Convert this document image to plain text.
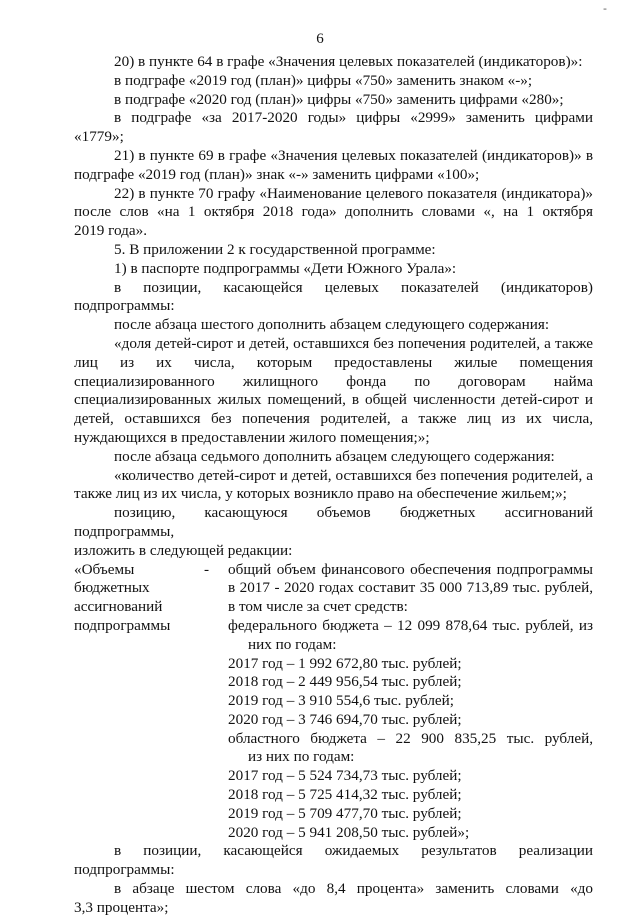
-
6

20) в пункте 64 в графе «Значения целевых показателей (индикаторов)»:

в подграфе «2019 год (план)» цифры «750» заменить знаком «-»;

в подграфе «2020 год (план)» цифры «750» заменить цифрами «280»;

в подграфе «за 2017-2020 годы» цифры «2999» заменить цифрами «1779»;

21) в пункте 69 в графе «Значения целевых показателей (индикаторов)» в

подграфе «2019 год (план)» знак «-» заменить цифрами «100»;

22) в пункте 70 графу «Наименование целевого показателя (индикатора)»

после слов «на 1 октября 2018 года» дополнить словами «, на 1 октября

2019 года».

5. В приложении 2 к государственной программе:

1) в паспорте подпрограммы «Дети Южного Урала»:

в позиции, касающейся целевых показателей (индикаторов)

подпрограммы:

после абзаца шестого дополнить абзацем следующего содержания:

«доля детей-сирот и детей, оставшихся без попечения родителей, а также

лиц из их числа, которым предоставлены жилые помещения

специализированного жилищного фонда по договорам найма

специализированных жилых помещений, в общей численности детей-сирот и

детей, оставшихся без попечения родителей, а также лиц из их числа,

нуждающихся в предоставлении жилого помещения;»;

после абзаца седьмого дополнить абзацем следующего содержания:

«количество детей-сирот и детей, оставшихся без попечения родителей, а

также лиц из их числа, у которых возникло право на обеспечение жильем;»;

позицию, касающуюся объемов бюджетных ассигнований подпрограммы,

изложить в следующей редакции:

«Объемы
бюджетных
ассигнований
подпрограммы
-	общий объем финансового обеспечения подпрограммы

в 2017 - 2020 годах составит 35 000 713,89 тыс. рублей,

в том числе за счет средств:

федерального бюджета – 12 099 878,64 тыс. рублей, из

них по годам:

2017 год – 1 992 672,80 тыс. рублей;

2018 год – 2 449 956,54 тыс. рублей;

2019 год – 3 910 554,6 тыс. рублей;

2020 год – 3 746 694,70 тыс. рублей;

областного бюджета – 22 900 835,25 тыс. рублей,

из них по годам:

2017 год – 5 524 734,73 тыс. рублей;

2018 год – 5 725 414,32 тыс. рублей;

2019 год – 5 709 477,70 тыс. рублей;

2020 год – 5 941 208,50 тыс. рублей»;

в позиции, касающейся ожидаемых результатов реализации

подпрограммы:

в абзаце шестом слова «до 8,4 процента» заменить словами «до

3,3 процента»;
